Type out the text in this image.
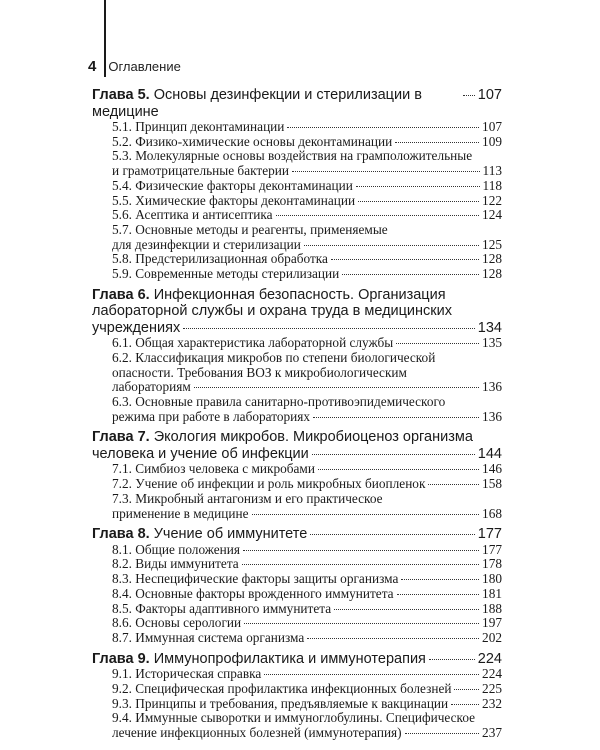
4 Оглавление
Глава 5. Основы дезинфекции и стерилизации в медицине
107
5.1. Принцип деконтаминации	107
5.2. Физико-химические основы деконтаминации	109
5.3. Молекулярные основы воздействия на грамположительные
и грамотрицательные бактерии	113
5.4. Физические факторы деконтаминации	118
5.5. Химические факторы деконтаминации	122
5.6. Асептика и антисептика	124
5.7. Основные методы и реагенты, применяемые
для дезинфекции и стерилизации	125
5.8. Предстерилизационная обработка	128
5.9. Современные методы стерилизации	128
Глава 6. Инфекционная безопасность. Организация
лабораторной службы и охрана труда в медицинских
учреждениях	134
6.1. Общая характеристика лабораторной службы	135
6.2. Классификация микробов по степени биологической
опасности. Требования ВОЗ к микробиологическим
лабораториям	136
6.3. Основные правила санитарно-противоэпидемического
режима при работе в лабораториях	136
Глава 7. Экология микробов. Микробиоценоз организма
человека и учение об инфекции	144
7.1. Симбиоз человека с микробами	146
7.2. Учение об инфекции и роль микробных биопленок	158
7.3. Микробный антагонизм и его практическое
применение в медицине	168
Глава 8. Учение об иммунитете	177
8.1. Общие положения	177
8.2. Виды иммунитета	178
8.3. Неспецифические факторы защиты организма	180
8.4. Основные факторы врожденного иммунитета	181
8.5. Факторы адаптивного иммунитета	188
8.6. Основы серологии	197
8.7. Иммунная система организма	202
Глава 9. Иммунопрофилактика и иммунотерапия	224
9.1. Историческая справка	224
9.2. Специфическая профилактика инфекционных болезней 225
9.3. Принципы и требования, предъявляемые к вакцинации	232
9.4. Иммунные сыворотки и иммуноглобулины. Специфическое
лечение инфекционных болезней (иммунотерапия)	237
